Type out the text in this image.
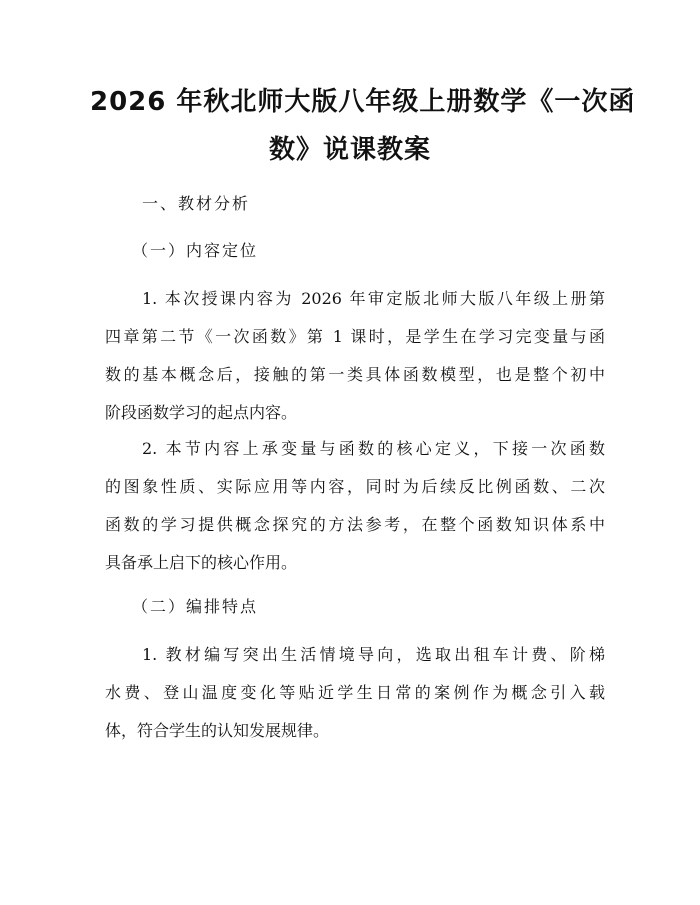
2026 年秋北师大版八年级上册数学《一次函
数》说课教案
一、教材分析
（一）内容定位
1. 本次授课内容为 2026 年审定版北师大版八年级上册第
四章第二节《一次函数》第 1 课时，是学生在学习完变量与函
数的基本概念后，接触的第一类具体函数模型，也是整个初中
阶段函数学习的起点内容。
2. 本节内容上承变量与函数的核心定义，下接一次函数
的图象性质、实际应用等内容，同时为后续反比例函数、二次
函数的学习提供概念探究的方法参考，在整个函数知识体系中
具备承上启下的核心作用。
（二）编排特点
1. 教材编写突出生活情境导向，选取出租车计费、阶梯
水费、登山温度变化等贴近学生日常的案例作为概念引入载
体，符合学生的认知发展规律。
